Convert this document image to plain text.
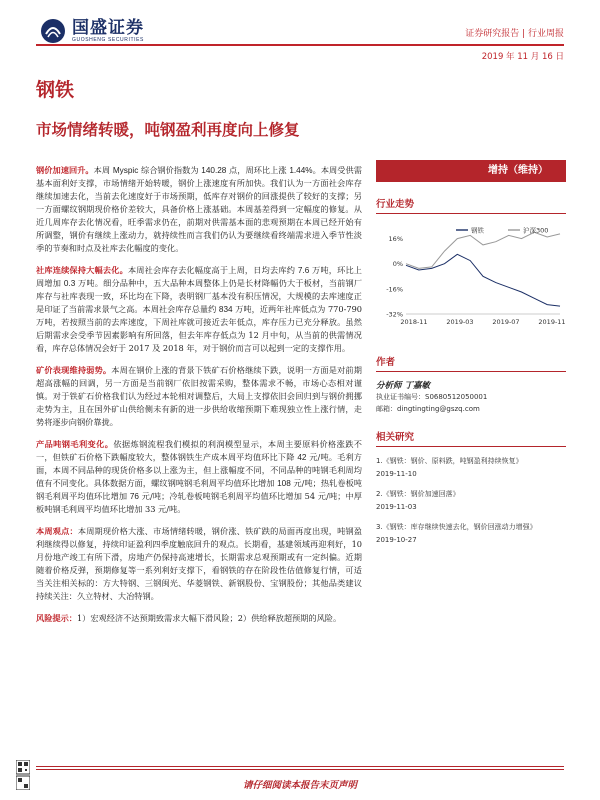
国盛证券
GUOSHENG SECURITIES
证券研究报告 | 行业周报
2019 年 11 月 16 日
钢铁
市场情绪转暖，吨钢盈利再度向上修复

钢价加速回升。本周 Myspic 综合钢价指数为 140.28 点，周环比上涨 1.44%。本周受供需基本面利好支撑，市场情绪开始转暖，钢价上涨速度有所加快。我们认为一方面社会库存继续加速去化，当前去化速度好于市场预期，低库存对钢价的回涨提供了较好的支撑；另一方面螺纹钢期现价格价差较大，具备价格上涨基础。本周基差得到一定幅度的修复。从近几周库存去化情况看，旺季需求仍在，前期对供需基本面的悲观预期在本周已经开始有所调整，钢价有继续上涨动力，就持续性而言我们仍认为要继续看终端需求进入季节性淡季的节奏和时点及社库去化幅度的变化。

社库连续保持大幅去化。本周社会库存去化幅度高于上周，日均去库约 7.6 万吨，环比上周增加 0.3 万吨。细分品种中，五大品种本周整体上仍是长材降幅仍大于板材，当前钢厂库存与社库表现一致，环比均在下降，表明钢厂基本没有积压情况，大规模的去库速度正是印证了当前需求景气之高。本周社会库存总量约 834 万吨，近两年社库低点为 770-790 万吨，若按照当前的去库速度，下周社库就可接近去年低点，库存压力已充分释放。虽然后期需求会受季节因素影响有所回落，但去年库存低点为 12 月中旬，从当前的供需情况看，库存总体情况会好于 2017 及 2018 年，对于钢价而言可以起到一定的支撑作用。

矿价表现维持弱势。本周在钢价上涨的背景下铁矿石价格继续下跌，说明一方面是对前期超高涨幅的回调，另一方面是当前钢厂依旧按需采购，整体需求不畅，市场心态相对谨慎。对于铁矿石价格我们认为经过本轮相对调整后，大局上支撑依旧会回归到与钢价拥挪走势为主，且在国外矿山供给侧未有新的进一步供给收缩预期下难现独立性上涨行情，走势将逐步向钢价靠拢。

产品吨钢毛利变化。依据炼钢流程我们模拟的利润模型显示，本周主要原料价格涨跌不一，但铁矿石价格下跌幅度较大，整体钢铁生产成本周平均值环比下降 42 元/吨。毛利方面，本周不同品种的现货价格多以上涨为主，但上涨幅度不同，不同品种的吨钢毛利周均值有不同变化。具体数据方面，螺纹钢吨钢毛利周平均值环比增加 108 元/吨；热轧卷板吨钢毛利周平均值环比增加 76 元/吨；冷轧卷板吨钢毛利周平均值环比增加 54 元/吨；中厚板吨钢毛利周平均值环比增加 33 元/吨。

本周观点：本周期现价格大涨、市场情绪转暖，钢价涨、铁矿跌的局面再度出现，吨钢盈利继续得以修复，持续印证盈利四季度触底回升的观点。长期看，基建领域再迎利好，10 月份地产竣工有所下滑，房地产仍保持高速增长，长期需求总观预期或有一定纠偏。近期随着价格反弹，预期修复等一系列利好支撑下，看钢铁的存在阶段性估值修复行情，可适当关注相关标的：方大特钢、三钢闽光、华菱钢铁、新钢股份、宝钢股份；其他品类建议持续关注：久立特材、大冶特钢。

风险提示：1）宏观经济不达预期致需求大幅下滑风险；2）供给释放超预期的风险。

增持（维持）
行业走势
钢铁	沪深300
16%
0%
-16%
-32%
2018-11	2019-03	2019-07	2019-11
作者
分析师 丁嘉敏
执业证书编号：S0680512050001
邮箱：dingtingting@gszq.com
相关研究
1.《钢铁：钢价、原料跌，吨钢盈利持续恢复》
2019-11-10
2.《钢铁：钢价加速回落》
2019-11-03
3.《钢铁：库存继续快速去化，钢价回涨动力增强》
2019-10-27
请仔细阅读本报告末页声明
